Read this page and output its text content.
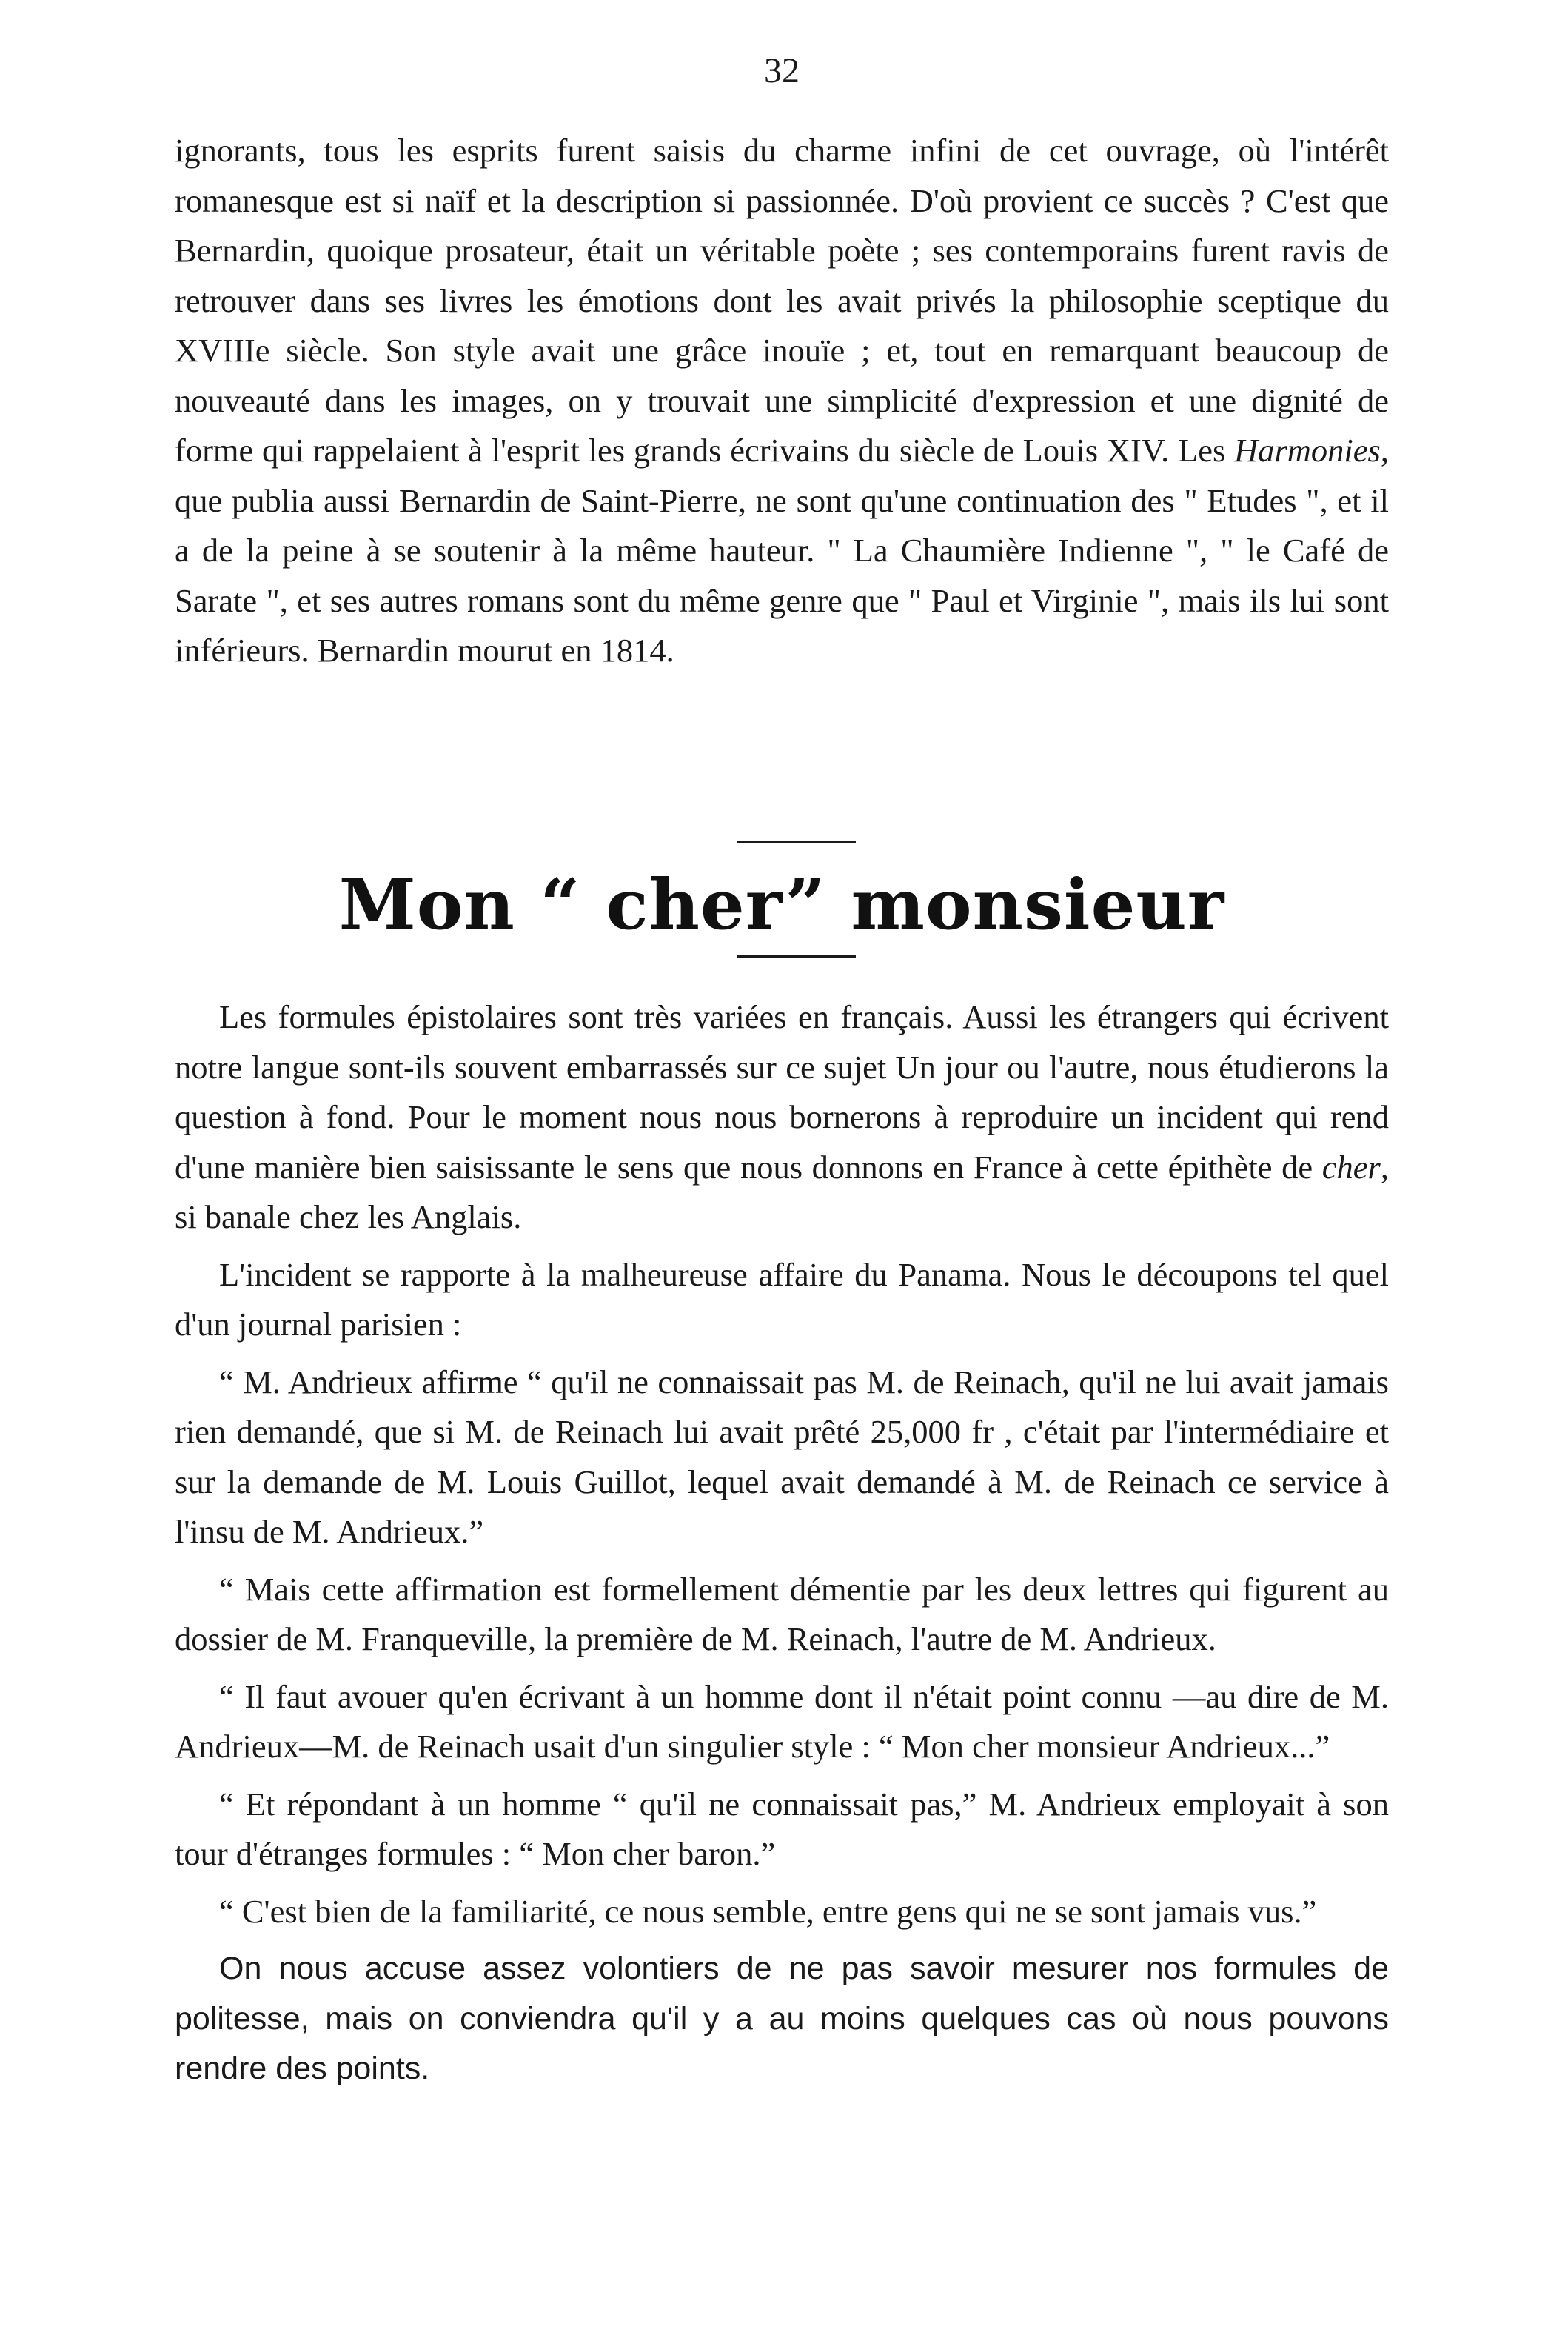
32

ignorants, tous les esprits furent saisis du charme infini de cet ouvrage, où l'intérêt romanesque est si naïf et la description si passionnée. D'où provient ce succès ? C'est que Bernardin, quoique prosateur, était un véritable poète ; ses contemporains furent ravis de retrouver dans ses livres les émotions dont les avait privés la philosophie sceptique du XVIIIe siècle. Son style avait une grâce inouïe ; et, tout en remarquant beaucoup de nouveauté dans les images, on y trouvait une simplicité d'expression et une dignité de forme qui rappelaient à l'esprit les grands écrivains du siècle de Louis XIV. Les Harmonies, que publia aussi Bernardin de Saint-Pierre, ne sont qu'une continuation des " Etudes ", et il a de la peine à se soutenir à la même hauteur. " La Chaumière Indienne ", " le Café de Sarate ", et ses autres romans sont du même genre que " Paul et Virginie ", mais ils lui sont inférieurs. Bernardin mourut en 1814.

Mon “ cher” monsieur

Les formules épistolaires sont très variées en français. Aussi les étrangers qui écrivent notre langue sont-ils souvent embarrassés sur ce sujet Un jour ou l'autre, nous étudierons la question à fond. Pour le moment nous nous bornerons à reproduire un incident qui rend d'une manière bien saisissante le sens que nous donnons en France à cette épithète de cher, si banale chez les Anglais.

L'incident se rapporte à la malheureuse affaire du Panama. Nous le découpons tel quel d'un journal parisien :

“ M. Andrieux affirme “ qu'il ne connaissait pas M. de Reinach, qu'il ne lui avait jamais rien demandé, que si M. de Reinach lui avait prêté 25,000 fr , c'était par l'intermédiaire et sur la demande de M. Louis Guillot, lequel avait demandé à M. de Reinach ce service à l'insu de M. Andrieux.”

“ Mais cette affirmation est formellement démentie par les deux lettres qui figurent au dossier de M. Franqueville, la première de M. Reinach, l'autre de M. Andrieux.

“ Il faut avouer qu'en écrivant à un homme dont il n'était point connu —au dire de M. Andrieux—M. de Reinach usait d'un singulier style : “ Mon cher monsieur Andrieux...”

“ Et répondant à un homme “ qu'il ne connaissait pas,” M. Andrieux employait à son tour d'étranges formules : “ Mon cher baron.”

“ C'est bien de la familiarité, ce nous semble, entre gens qui ne se sont jamais vus.”

On nous accuse assez volontiers de ne pas savoir mesurer nos formules de politesse, mais on conviendra qu'il y a au moins quelques cas où nous pouvons rendre des points.
